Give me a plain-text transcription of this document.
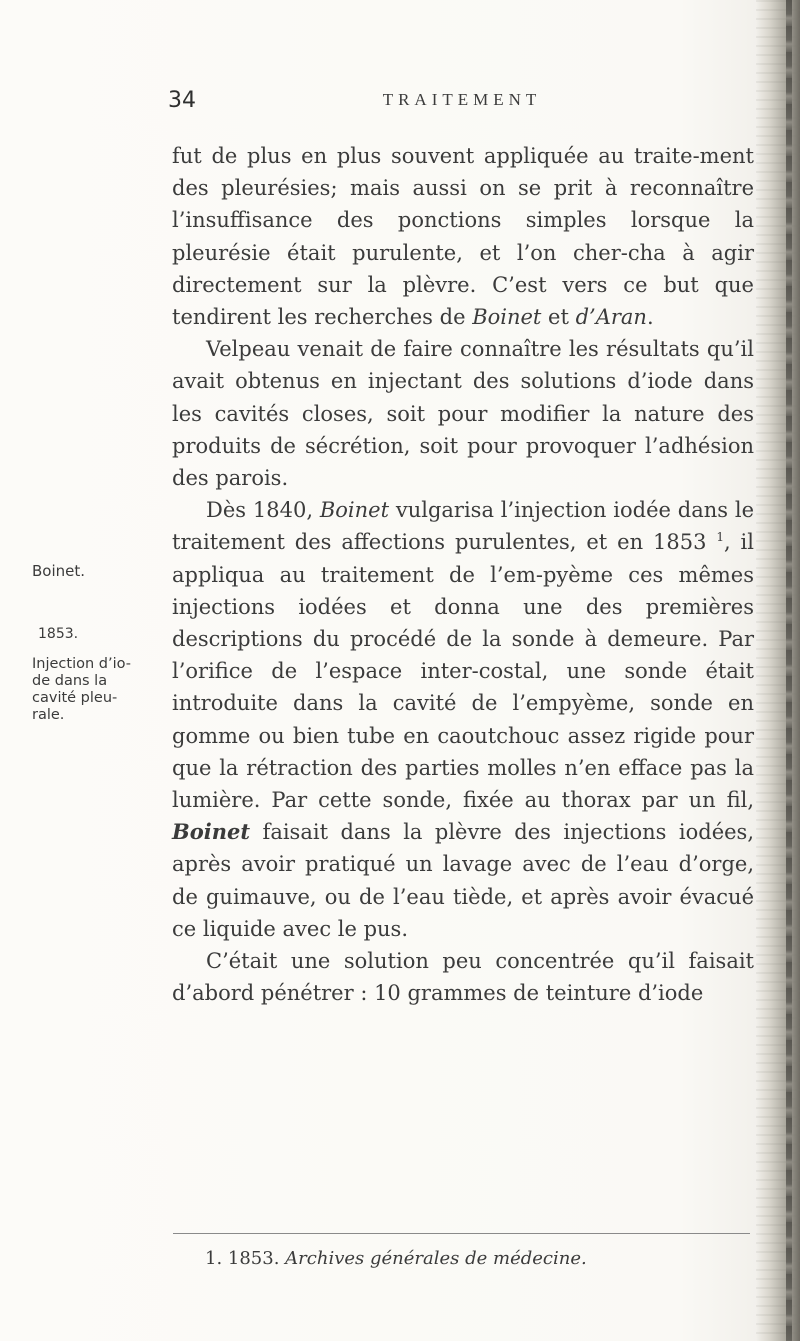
34	TRAITEMENT
Boinet.
1853.
Injection d’io-de dans la cavité pleu-rale.

fut de plus en plus souvent appliquée au traite-ment des pleurésies; mais aussi on se prit à reconnaître l’insuffisance des ponctions simples lorsque la pleurésie était purulente, et l’on cher-cha à agir directement sur la plèvre. C’est vers ce but que tendirent les recherches de Boinet et d’Aran.

Velpeau venait de faire connaître les résultats qu’il avait obtenus en injectant des solutions d’iode dans les cavités closes, soit pour modifier la nature des produits de sécrétion, soit pour provoquer l’adhésion des parois.

Dès 1840, Boinet vulgarisa l’injection iodée dans le traitement des affections purulentes, et en 1853 $^1$, il appliqua au traitement de l’em-pyème ces mêmes injections iodées et donna une des premières descriptions du procédé de la sonde à demeure. Par l’orifice de l’espace inter-costal, une sonde était introduite dans la cavité de l’empyème, sonde en gomme ou bien tube en caoutchouc assez rigide pour que la rétraction des parties molles n’en efface pas la lumière. Par cette sonde, fixée au thorax par un fil, Boinet faisait dans la plèvre des injections iodées, après avoir pratiqué un lavage avec de l’eau d’orge, de guimauve, ou de l’eau tiède, et après avoir évacué ce liquide avec le pus.

C’était une solution peu concentrée qu’il faisait d’abord pénétrer : 10 grammes de teinture d’iode

1. 1853. Archives générales de médecine.
